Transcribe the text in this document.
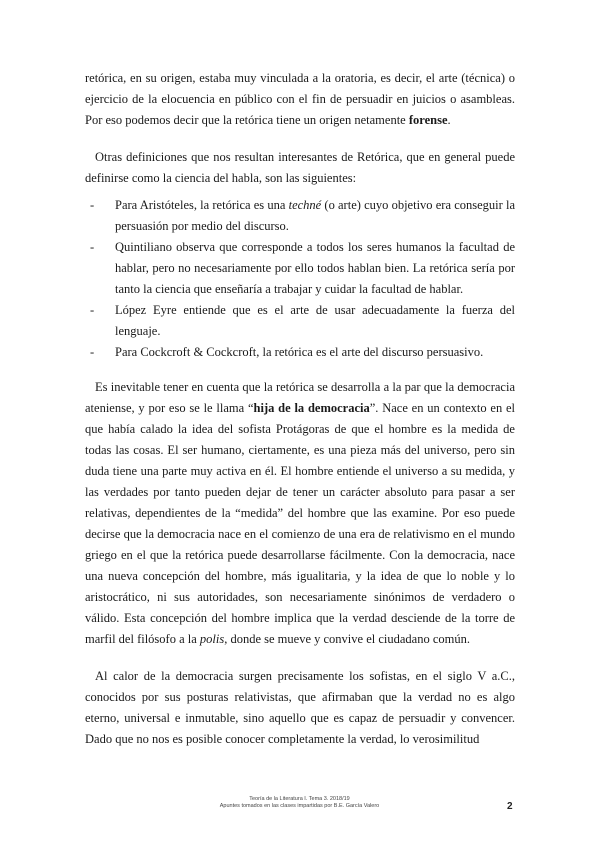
retórica, en su origen, estaba muy vinculada a la oratoria, es decir, el arte (técnica) o ejercicio de la elocuencia en público con el fin de persuadir en juicios o asambleas. Por eso podemos decir que la retórica tiene un origen netamente forense.

Otras definiciones que nos resultan interesantes de Retórica, que en general puede definirse como la ciencia del habla, son las siguientes:

- Para Aristóteles, la retórica es una techné (o arte) cuyo objetivo era conseguir la persuasión por medio del discurso.
- Quintiliano observa que corresponde a todos los seres humanos la facultad de hablar, pero no necesariamente por ello todos hablan bien. La retórica sería por tanto la ciencia que enseñaría a trabajar y cuidar la facultad de hablar.
- López Eyre entiende que es el arte de usar adecuadamente la fuerza del lenguaje.
- Para Cockcroft & Cockcroft, la retórica es el arte del discurso persuasivo.

Es inevitable tener en cuenta que la retórica se desarrolla a la par que la democracia ateniense, y por eso se le llama “hija de la democracia”. Nace en un contexto en el que había calado la idea del sofista Protágoras de que el hombre es la medida de todas las cosas. El ser humano, ciertamente, es una pieza más del universo, pero sin duda tiene una parte muy activa en él. El hombre entiende el universo a su medida, y las verdades por tanto pueden dejar de tener un carácter absoluto para pasar a ser relativas, dependientes de la “medida” del hombre que las examine. Por eso puede decirse que la democracia nace en el comienzo de una era de relativismo en el mundo griego en el que la retórica puede desarrollarse fácilmente. Con la democracia, nace una nueva concepción del hombre, más igualitaria, y la idea de que lo noble y lo aristocrático, ni sus autoridades, son necesariamente sinónimos de verdadero o válido. Esta concepción del hombre implica que la verdad desciende de la torre de marfil del filósofo a la polis, donde se mueve y convive el ciudadano común.

Al calor de la democracia surgen precisamente los sofistas, en el siglo V a.C., conocidos por sus posturas relativistas, que afirmaban que la verdad no es algo eterno, universal e inmutable, sino aquello que es capaz de persuadir y convencer. Dado que no nos es posible conocer completamente la verdad, lo verosimilitud

Teoría de la Literatura I. Tema 3. 2018/19
Apuntes tomados en las clases impartidas por B.E. García Valero	2
